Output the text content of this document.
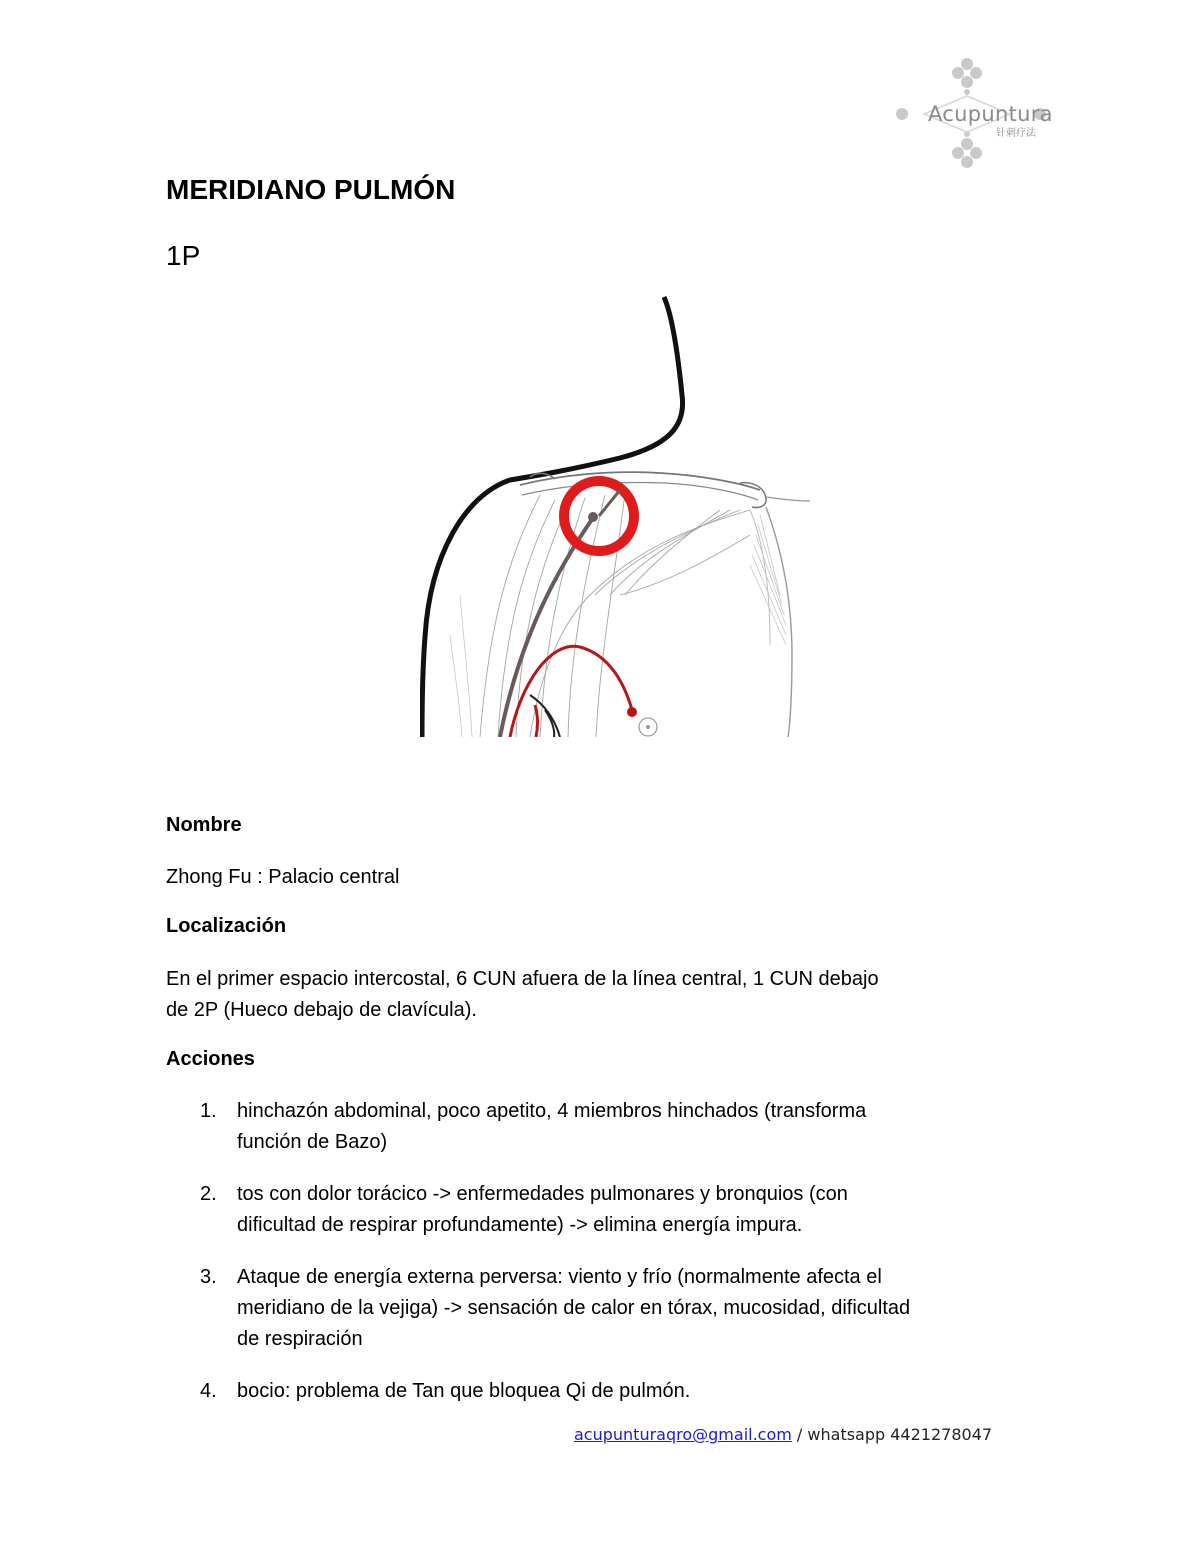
Acupuntura
针刺疗法
MERIDIANO PULMÓN
1P
Nombre

Zhong Fu : Palacio central

Localización

En el primer espacio intercostal, 6 CUN afuera de la línea central, 1 CUN debajo
de 2P (Hueco debajo de clavícula).

Acciones
1. hinchazón abdominal, poco apetito, 4 miembros hinchados (transforma
función de Bazo)
2. tos con dolor torácico -> enfermedades pulmonares y bronquios (con
dificultad de respirar profundamente) -> elimina energía impura.
3. Ataque de energía externa perversa: viento y frío (normalmente afecta el
meridiano de la vejiga) -> sensación de calor en tórax, mucosidad, dificultad
de respiración
4. bocio: problema de Tan que bloquea Qi de pulmón.
acupunturaqro@gmail.com / whatsapp 4421278047
